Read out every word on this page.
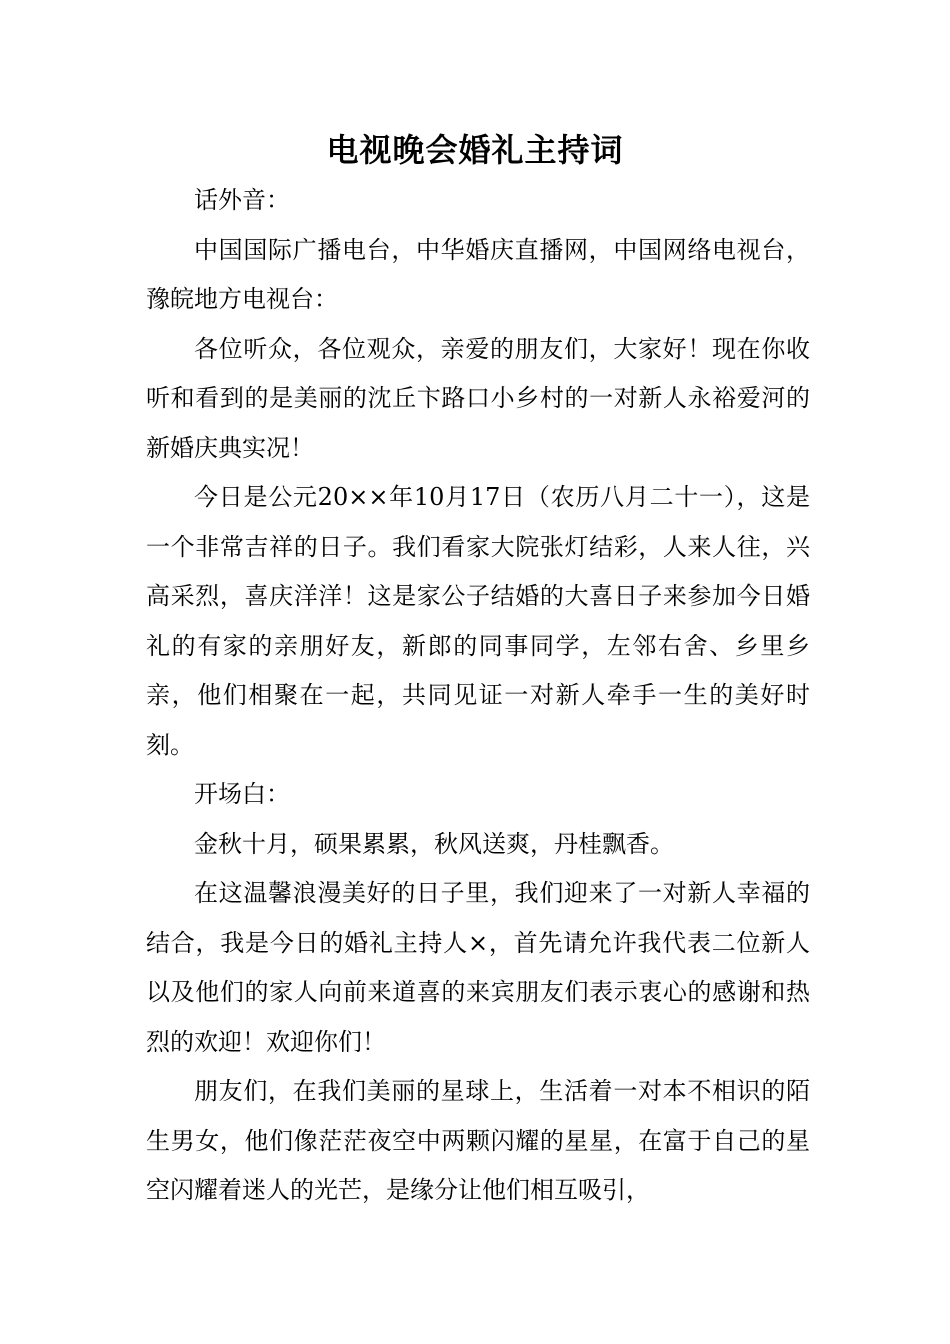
电视晚会婚礼主持词

话外音：

中国国际广播电台，中华婚庆直播网，中国网络电视台，豫皖地方电视台：

各位听众，各位观众，亲爱的朋友们，大家好！现在你收听和看到的是美丽的沈丘卞路口小乡村的一对新人永裕爱河的新婚庆典实况！

今日是公元20××年10月17日（农历八月二十一），这是一个非常吉祥的日子。我们看家大院张灯结彩，人来人往，兴高采烈，喜庆洋洋！这是家公子结婚的大喜日子来参加今日婚礼的有家的亲朋好友，新郎的同事同学，左邻右舍、乡里乡亲，他们相聚在一起，共同见证一对新人牵手一生的美好时刻。

开场白：

金秋十月，硕果累累，秋风送爽，丹桂飘香。

在这温馨浪漫美好的日子里，我们迎来了一对新人幸福的结合，我是今日的婚礼主持人×，首先请允许我代表二位新人以及他们的家人向前来道喜的来宾朋友们表示衷心的感谢和热烈的欢迎！欢迎你们！

朋友们，在我们美丽的星球上，生活着一对本不相识的陌生男女，他们像茫茫夜空中两颗闪耀的星星，在富于自己的星空闪耀着迷人的光芒，是缘分让他们相互吸引，
